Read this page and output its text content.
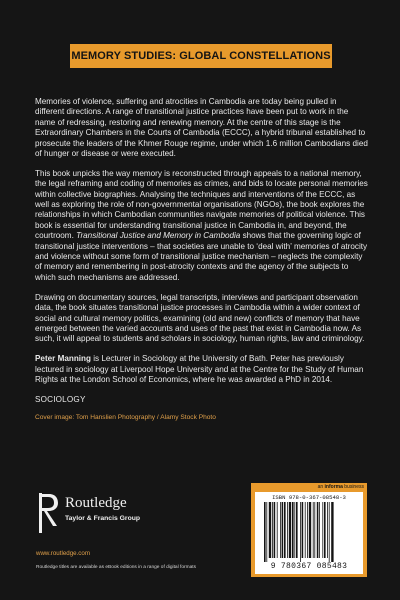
MEMORY STUDIES: GLOBAL CONSTELLATIONS

Memories of violence, suffering and atrocities in Cambodia are today being pulled in different directions. A range of transitional justice practices have been put to work in the name of redressing, restoring and renewing memory. At the centre of this stage is the Extraordinary Chambers in the Courts of Cambodia (ECCC), a hybrid tribunal established to prosecute the leaders of the Khmer Rouge regime, under which 1.6 million Cambodians died of hunger or disease or were executed.

This book unpicks the way memory is reconstructed through appeals to a national memory, the legal reframing and coding of memories as crimes, and bids to locate personal memories within collective biographies. Analysing the techniques and interventions of the ECCC, as well as exploring the role of non-governmental organisations (NGOs), the book explores the relationships in which Cambodian communities navigate memories of political violence. This book is essential for understanding transitional justice in Cambodia in, and beyond, the courtroom. Transitional Justice and Memory in Cambodia shows that the governing logic of transitional justice interventions – that societies are unable to ‘deal with’ memories of atrocity and violence without some form of transitional justice mechanism – neglects the complexity of memory and remembering in post-atrocity contexts and the agency of the subjects to which such mechanisms are addressed.

Drawing on documentary sources, legal transcripts, interviews and participant observation data, the book situates transitional justice processes in Cambodia within a wider context of social and cultural memory politics, examining (old and new) conflicts of memory that have emerged between the varied accounts and uses of the past that exist in Cambodia now. As such, it will appeal to students and scholars in sociology, human rights, law and criminology.

Peter Manning is Lecturer in Sociology at the University of Bath. Peter has previously lectured in sociology at Liverpool Hope University and at the Centre for the Study of Human Rights at the London School of Economics, where he was awarded a PhD in 2014.

SOCIOLOGY

Cover image: Tom Hanslien Photography / Alamy Stock Photo
Routledge
Taylor & Francis Group
www.routledge.com
Routledge titles are available as eBook editions in a range of digital formats
an informa business
ISBN 978-0-367-08548-3
9 780367 085483
